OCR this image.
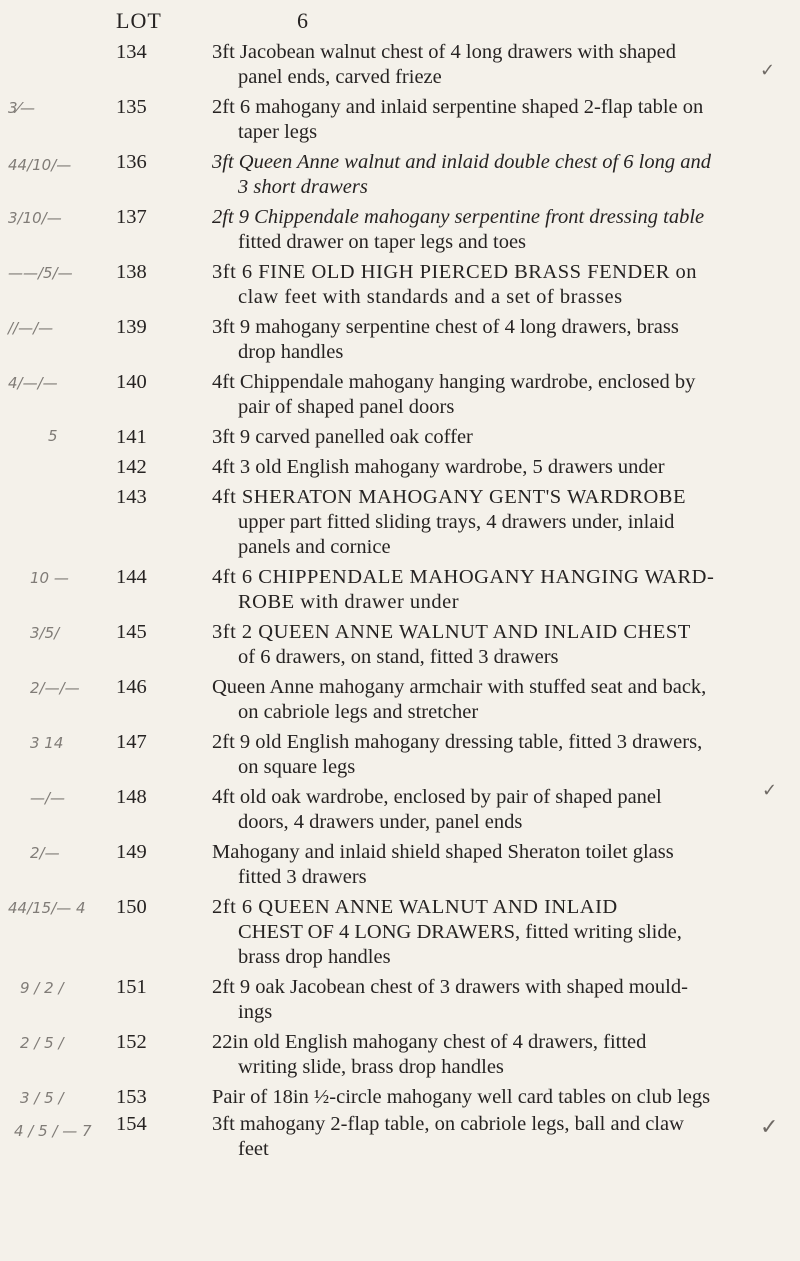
LOT	6
134	3ft Jacobean walnut chest of 4 long drawers with shaped
panel ends, carved frieze
3⁄—	135	2ft 6 mahogany and inlaid serpentine shaped 2-flap table on
taper legs
44/10/—	136	3ft Queen Anne walnut and inlaid double chest of 6 long and
3 short drawers
3/10/—	137	2ft 9 Chippendale mahogany serpentine front dressing table
fitted drawer on taper legs and toes
——/5/—	138	3ft 6 FINE OLD HIGH PIERCED BRASS FENDER on
claw feet with standards and a set of brasses
//—/—	139	3ft 9 mahogany serpentine chest of 4 long drawers, brass
drop handles
4/—/—	140	4ft Chippendale mahogany hanging wardrobe, enclosed by
pair of shaped panel doors
5	141	3ft 9 carved panelled oak coffer
142	4ft 3 old English mahogany wardrobe, 5 drawers under
143	4ft SHERATON MAHOGANY GENT'S WARDROBE
upper part fitted sliding trays, 4 drawers under, inlaid
panels and cornice
10 —	144	4ft 6 CHIPPENDALE MAHOGANY HANGING WARD-
ROBE with drawer under
3/5/	145	3ft 2 QUEEN ANNE WALNUT AND INLAID CHEST
of 6 drawers, on stand, fitted 3 drawers
2/—/—	146	Queen Anne mahogany armchair with stuffed seat and back,
on cabriole legs and stretcher
3 14	147	2ft 9 old English mahogany dressing table, fitted 3 drawers,
on square legs
—/—	148	4ft old oak wardrobe, enclosed by pair of shaped panel
doors, 4 drawers under, panel ends
2/—	149	Mahogany and inlaid shield shaped Sheraton toilet glass
fitted 3 drawers
44/15/— 4	150	2ft 6 QUEEN ANNE WALNUT AND INLAID
CHEST OF 4 LONG DRAWERS, fitted writing slide,
brass drop handles
9 / 2 /	151	2ft 9 oak Jacobean chest of 3 drawers with shaped mould-
ings
2 / 5 /	152	22in old English mahogany chest of 4 drawers, fitted
writing slide, brass drop handles
3 / 5 /	153	Pair of 18in ½-circle mahogany well card tables on club legs
4 / 5 / — 7	154	3ft mahogany 2-flap table, on cabriole legs, ball and claw
feet
✓
✓
✓
